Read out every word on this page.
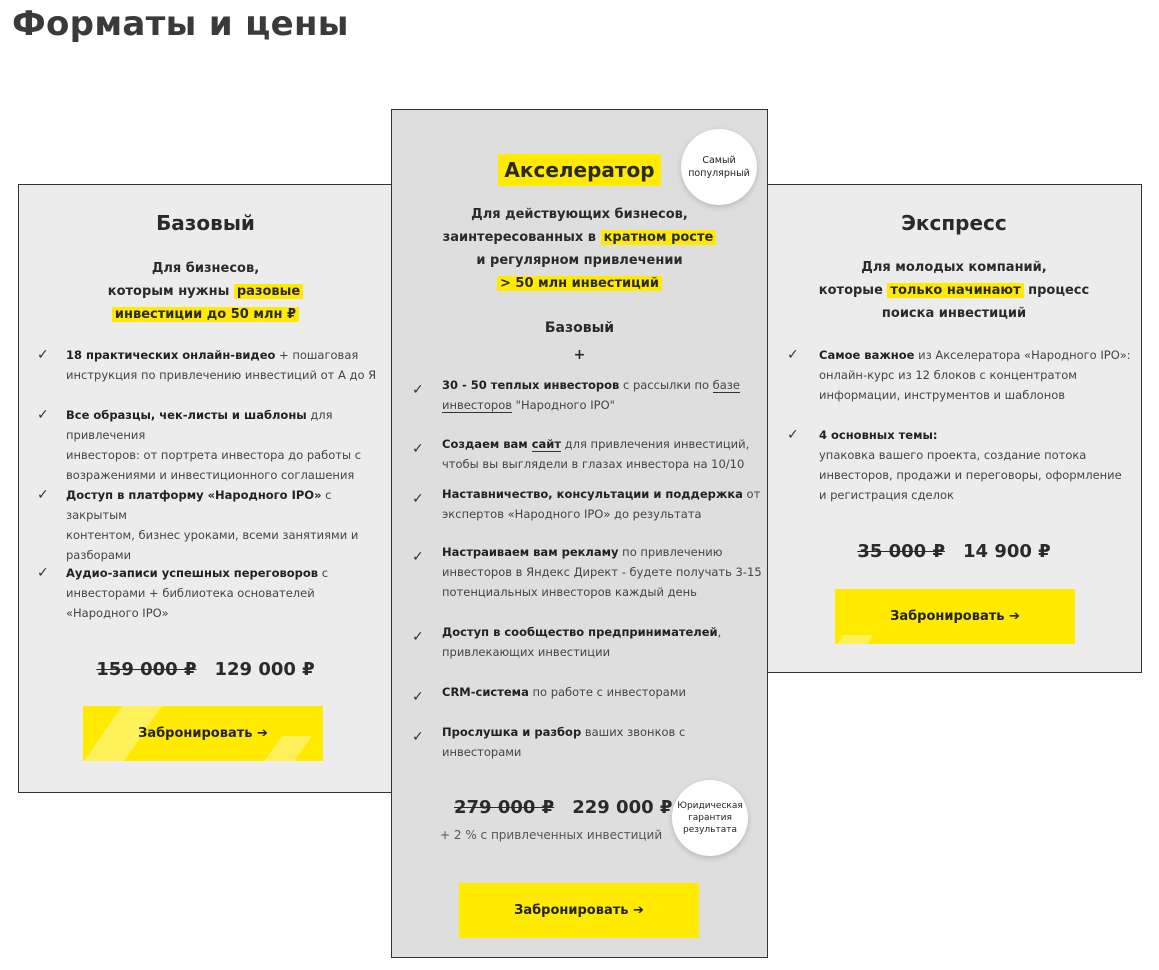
Форматы и цены
Базовый
Для бизнесов,
которым нужны разовые
инвестиции до 50 млн ₽
✓ 18 практических онлайн-видео + пошаговая
инструкция по привлечению инвестиций от А до Я
✓ Все образцы, чек-листы и шаблоны для привлечения
инвесторов: от портрета инвестора до работы с
возражениями и инвестиционного соглашения
✓ Доступ в платформу «Народного IPO» с закрытым
контентом, бизнес уроками, всеми занятиями и
разборами
✓ Аудио-записи успешных переговоров с
инвесторами + библиотека основателей
«Народного IPO»
159 000 ₽ 129 000 ₽
Забронировать ➔
Акселератор	Самый популярный
Для действующих бизнесов,
заинтересованных в кратном росте
и регулярном привлечении
> 50 млн инвестиций
Базовый
+
✓ 30 - 50 теплых инвесторов с рассылки по базе
инвесторов "Народного IPO"
✓ Создаем вам сайт для привлечения инвестиций,
чтобы вы выглядели в глазах инвестора на 10/10
✓ Наставничество, консультации и поддержка от
экспертов «Народного IPO» до результата
✓ Настраиваем вам рекламу по привлечению
инвесторов в Яндекс Директ - будете получать 3-15
потенциальных инвесторов каждый день
✓ Доступ в сообщество предпринимателей,
привлекающих инвестиции
✓ CRM-система по работе с инвесторами
✓ Прослушка и разбор ваших звонков с инвесторами
279 000 ₽ 229 000 ₽
+ 2 % с привлеченных инвестиций
Юридическая гарантия результата
Забронировать ➔
Экспресс
Для молодых компаний,
которые только начинают процесс
поиска инвестиций
✓ Самое важное из Акселератора «Народного IPO»:
онлайн-курс из 12 блоков с концентратом
информации, инструментов и шаблонов
✓ 4 основных темы:
упаковка вашего проекта, создание потока
инвесторов, продажи и переговоры, оформление
и регистрация сделок
35 000 ₽ 14 900 ₽
Забронировать ➔
